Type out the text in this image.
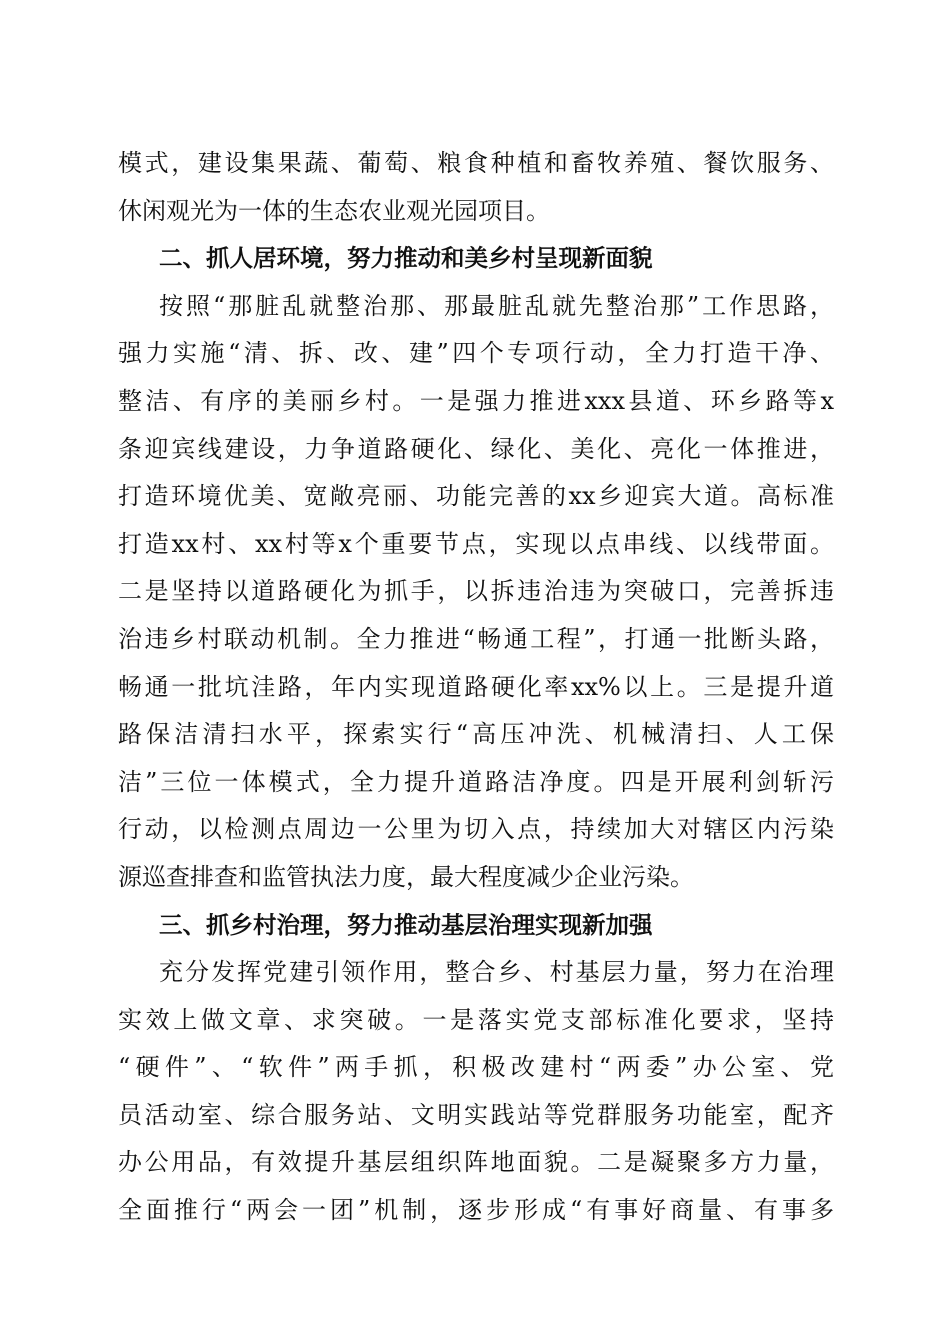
模式，建设集果蔬、葡萄、粮食种植和畜牧养殖、餐饮服务、
休闲观光为一体的生态农业观光园项目。
二、抓人居环境，努力推动和美乡村呈现新面貌
按照“那脏乱就整治那、那最脏乱就先整治那”工作思路，
强力实施“清、拆、改、建”四个专项行动，全力打造干净、
整洁、有序的美丽乡村。一是强力推进xxx县道、环乡路等x
条迎宾线建设，力争道路硬化、绿化、美化、亮化一体推进，
打造环境优美、宽敞亮丽、功能完善的xx乡迎宾大道。高标准
打造xx村、xx村等x个重要节点，实现以点串线、以线带面。
二是坚持以道路硬化为抓手，以拆违治违为突破口，完善拆违
治违乡村联动机制。全力推进“畅通工程”，打通一批断头路，
畅通一批坑洼路，年内实现道路硬化率xx%以上。三是提升道
路保洁清扫水平，探索实行“高压冲洗、机械清扫、人工保
洁”三位一体模式，全力提升道路洁净度。四是开展利剑斩污
行动，以检测点周边一公里为切入点，持续加大对辖区内污染
源巡查排查和监管执法力度，最大程度减少企业污染。
三、抓乡村治理，努力推动基层治理实现新加强
充分发挥党建引领作用，整合乡、村基层力量，努力在治理
实效上做文章、求突破。一是落实党支部标准化要求，坚持
“硬件”、“软件”两手抓，积极改建村“两委”办公室、党
员活动室、综合服务站、文明实践站等党群服务功能室，配齐
办公用品，有效提升基层组织阵地面貌。二是凝聚多方力量，
全面推行“两会一团”机制，逐步形成“有事好商量、有事多
